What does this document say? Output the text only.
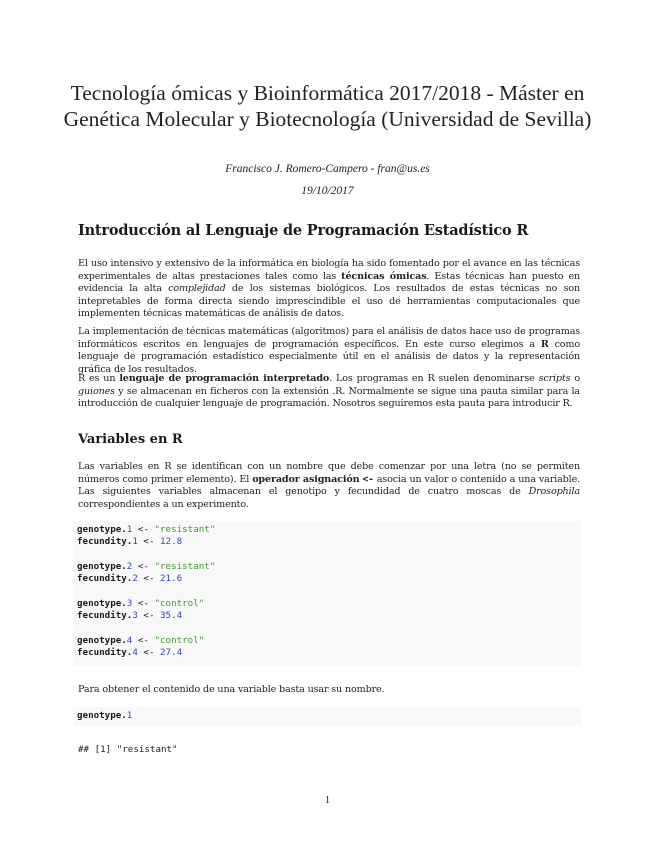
Tecnología ómicas y Bioinformática 2017/2018 - Máster en Genética Molecular y Biotecnología (Universidad de Sevilla)
Francisco J. Romero-Campero - fran@us.es
19/10/2017
Introducción al Lenguaje de Programación Estadístico R

El uso intensivo y extensivo de la informática en biología ha sido fomentado por el avance en las técnicas experimentales de altas prestaciones tales como las técnicas ómicas. Estas técnicas han puesto en evidencia la alta complejidad de los sistemas biológicos. Los resultados de estas técnicas no son intepretables de forma directa siendo imprescindible el uso de herramientas computacionales que implementen técnicas matemáticas de análisis de datos.

La implementación de técnicas matemáticas (algoritmos) para el análisis de datos hace uso de programas informáticos escritos en lenguajes de programación específicos. En este curso elegimos a R como lenguaje de programación estadístico especialmente útil en el análisis de datos y la representación gráfica de los resultados.

R es un lenguaje de programación interpretado. Los programas en R suelen denominarse scripts o guiones y se almacenan en ficheros con la extensión .R. Normalmente se sigue una pauta similar para la introducción de cualquier lenguaje de programación. Nosotros seguiremos esta pauta para introducir R.

Variables en R

Las variables en R se identifican con un nombre que debe comenzar por una letra (no se permiten números como primer elemento). El operador asignación <- asocia un valor o contenido a una variable. Las siguientes variables almacenan el genotipo y fecundidad de cuatro moscas de Drosophila correspondientes a un experimento.

genotype.1 <- "resistant"
fecundity.1 <- 12.8
genotype.2 <- "resistant"
fecundity.2 <- 21.6
genotype.3 <- "control"
fecundity.3 <- 35.4
genotype.4 <- "control"
fecundity.4 <- 27.4

Para obtener el contenido de una variable basta usar su nombre.

genotype.1
## [1] "resistant"
1
